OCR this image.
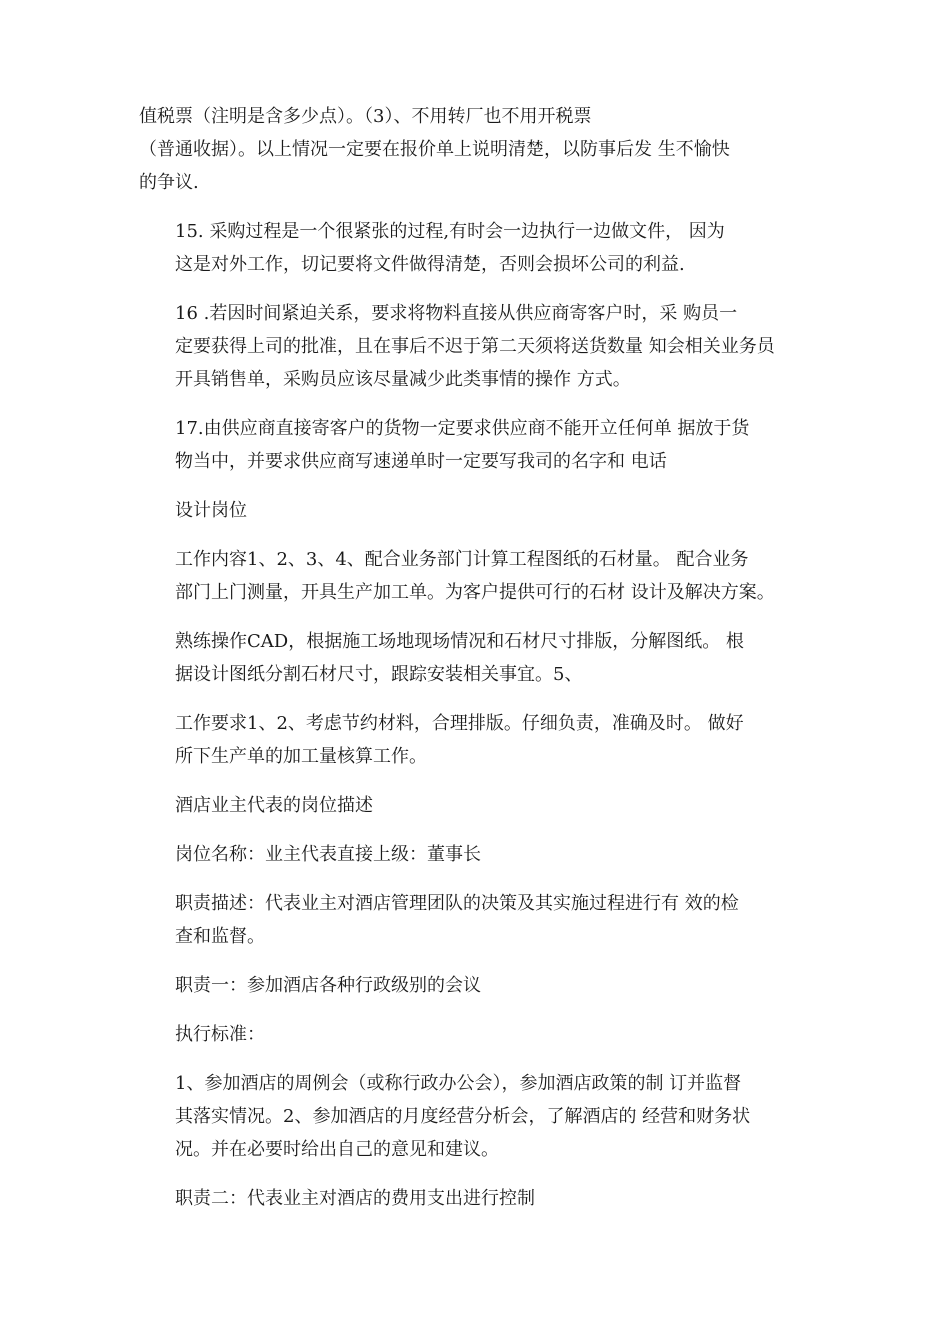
值税票（注明是含多少点）。（3）、不用转厂也不用开税票
（普通收据）。以上情况一定要在报价单上说明清楚，以防事后发 生不愉快
的争议.
15. 采购过程是一个很紧张的过程,有时会一边执行一边做文件， 因为
这是对外工作，切记要将文件做得清楚，否则会损坏公司的利益.
16 .若因时间紧迫关系，要求将物料直接从供应商寄客户时，采 购员一
定要获得上司的批准，且在事后不迟于第二天须将送货数量 知会相关业务员
开具销售单，采购员应该尽量减少此类事情的操作 方式。
17.由供应商直接寄客户的货物一定要求供应商不能开立任何单 据放于货
物当中，并要求供应商写速递单时一定要写我司的名字和 电话
设计岗位
工作内容1、2、3、4、配合业务部门计算工程图纸的石材量。 配合业务
部门上门测量，开具生产加工单。为客户提供可行的石材 设计及解决方案。
熟练操作CAD，根据施工场地现场情况和石材尺寸排版，分解图纸。 根
据设计图纸分割石材尺寸，跟踪安装相关事宜。5、
工作要求1、2、考虑节约材料，合理排版。仔细负责，准确及时。 做好
所下生产单的加工量核算工作。
酒店业主代表的岗位描述
岗位名称：业主代表直接上级：董事长
职责描述：代表业主对酒店管理团队的决策及其实施过程进行有 效的检
查和监督。
职责一：参加酒店各种行政级别的会议
执行标准：
1、参加酒店的周例会（或称行政办公会），参加酒店政策的制 订并监督
其落实情况。2、参加酒店的月度经营分析会，了解酒店的 经营和财务状
况。并在必要时给出自己的意见和建议。
职责二：代表业主对酒店的费用支出进行控制
